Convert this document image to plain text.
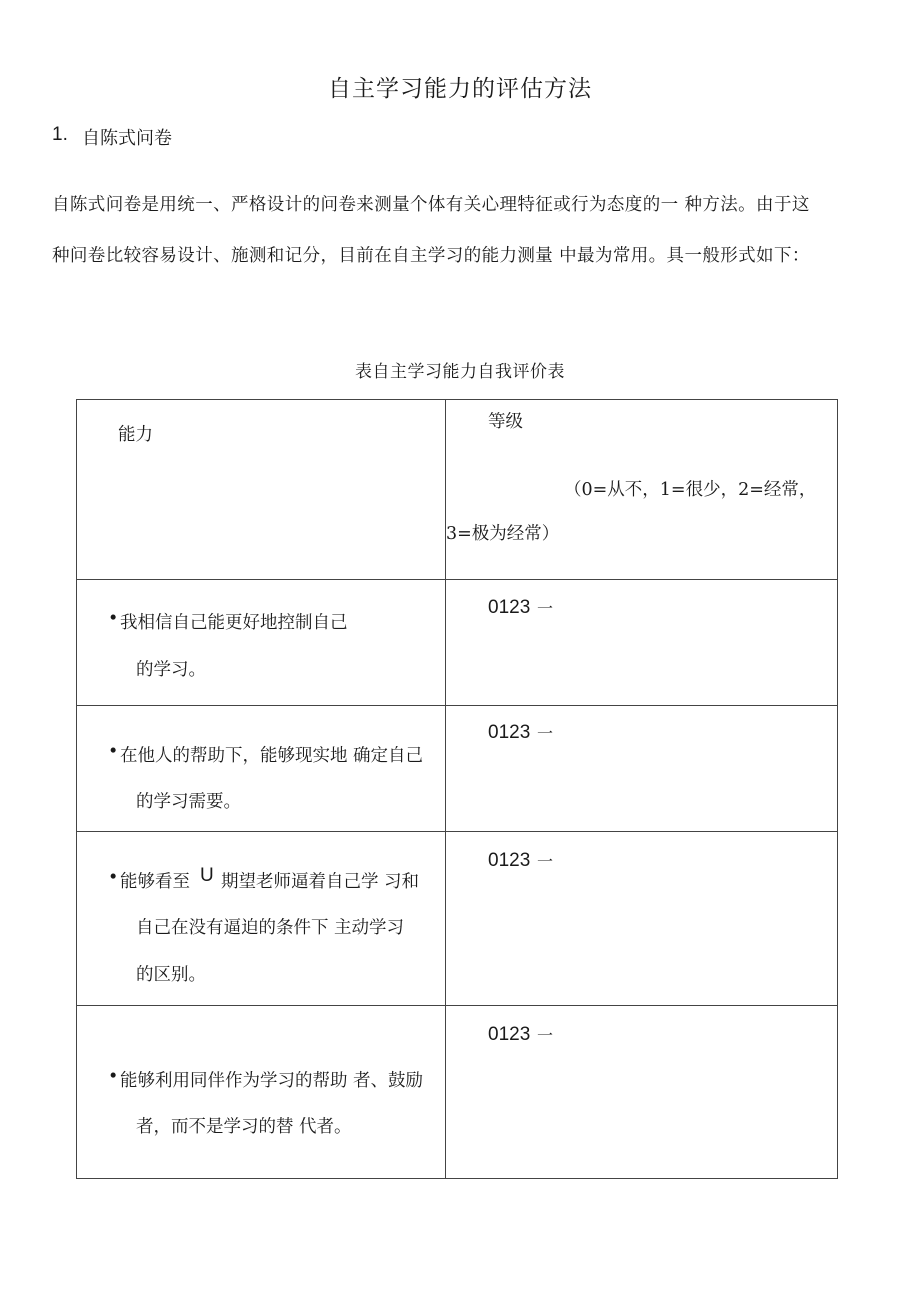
自主学习能力的评估方法
1. 自陈式问卷
自陈式问卷是用统一、严格设计的问卷来测量个体有关心理特征或行为态度的一 种方法。由于这
种问卷比较容易设计、施测和记分，目前在自主学习的能力测量 中最为常用。具一般形式如下：
表自主学习能力自我评价表
能力
等级
（0=从不，1=很少，2=经常，
3=极为经常）
• 我相信自己能更好地控制自己
的学习。
0123 一
• 在他人的帮助下，能够现实地 确定自己
的学习需要。
0123 一
• 能够看至 U 期望老师逼着自己学 习和
自己在没有逼迫的条件下 主动学习
的区别。
0123 一
• 能够利用同伴作为学习的帮助 者、鼓励
者，而不是学习的替 代者。
0123 一
